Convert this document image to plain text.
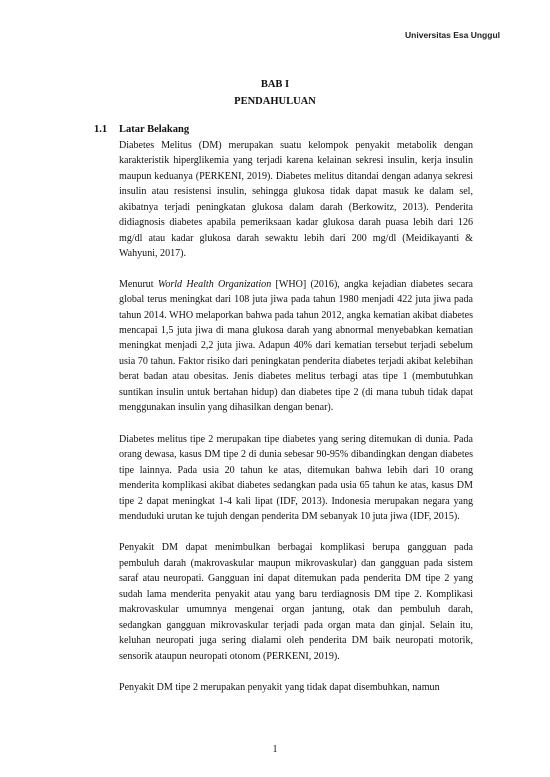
Universitas Esa Unggul
BAB I
PENDAHULUAN
1.1 Latar Belakang

Diabetes Melitus (DM) merupakan suatu kelompok penyakit metabolik dengan karakteristik hiperglikemia yang terjadi karena kelainan sekresi insulin, kerja insulin maupun keduanya (PERKENI, 2019). Diabetes melitus ditandai dengan adanya sekresi insulin atau resistensi insulin, sehingga glukosa tidak dapat masuk ke dalam sel, akibatnya terjadi peningkatan glukosa dalam darah (Berkowitz, 2013). Penderita didiagnosis diabetes apabila pemeriksaan kadar glukosa darah puasa lebih dari 126 mg/dl atau kadar glukosa darah sewaktu lebih dari 200 mg/dl (Meidikayanti & Wahyuni, 2017).

Menurut World Health Organization [WHO] (2016), angka kejadian diabetes secara global terus meningkat dari 108 juta jiwa pada tahun 1980 menjadi 422 juta jiwa pada tahun 2014. WHO melaporkan bahwa pada tahun 2012, angka kematian akibat diabetes mencapai 1,5 juta jiwa di mana glukosa darah yang abnormal menyebabkan kematian meningkat menjadi 2,2 juta jiwa. Adapun 40% dari kematian tersebut terjadi sebelum usia 70 tahun. Faktor risiko dari peningkatan penderita diabetes terjadi akibat kelebihan berat badan atau obesitas. Jenis diabetes melitus terbagi atas tipe 1 (membutuhkan suntikan insulin untuk bertahan hidup) dan diabetes tipe 2 (di mana tubuh tidak dapat menggunakan insulin yang dihasilkan dengan benar).

Diabetes melitus tipe 2 merupakan tipe diabetes yang sering ditemukan di dunia. Pada orang dewasa, kasus DM tipe 2 di dunia sebesar 90-95% dibandingkan dengan diabetes tipe lainnya. Pada usia 20 tahun ke atas, ditemukan bahwa lebih dari 10 orang menderita komplikasi akibat diabetes sedangkan pada usia 65 tahun ke atas, kasus DM tipe 2 dapat meningkat 1-4 kali lipat (IDF, 2013). Indonesia merupakan negara yang menduduki urutan ke tujuh dengan penderita DM sebanyak 10 juta jiwa (IDF, 2015).

Penyakit DM dapat menimbulkan berbagai komplikasi berupa gangguan pada pembuluh darah (makrovaskular maupun mikrovaskular) dan gangguan pada sistem saraf atau neuropati. Gangguan ini dapat ditemukan pada penderita DM tipe 2 yang sudah lama menderita penyakit atau yang baru terdiagnosis DM tipe 2. Komplikasi makrovaskular umumnya mengenai organ jantung, otak dan pembuluh darah, sedangkan gangguan mikrovaskular terjadi pada organ mata dan ginjal. Selain itu, keluhan neuropati juga sering dialami oleh penderita DM baik neuropati motorik, sensorik ataupun neuropati otonom (PERKENI, 2019).

Penyakit DM tipe 2 merupakan penyakit yang tidak dapat disembuhkan, namun

1
